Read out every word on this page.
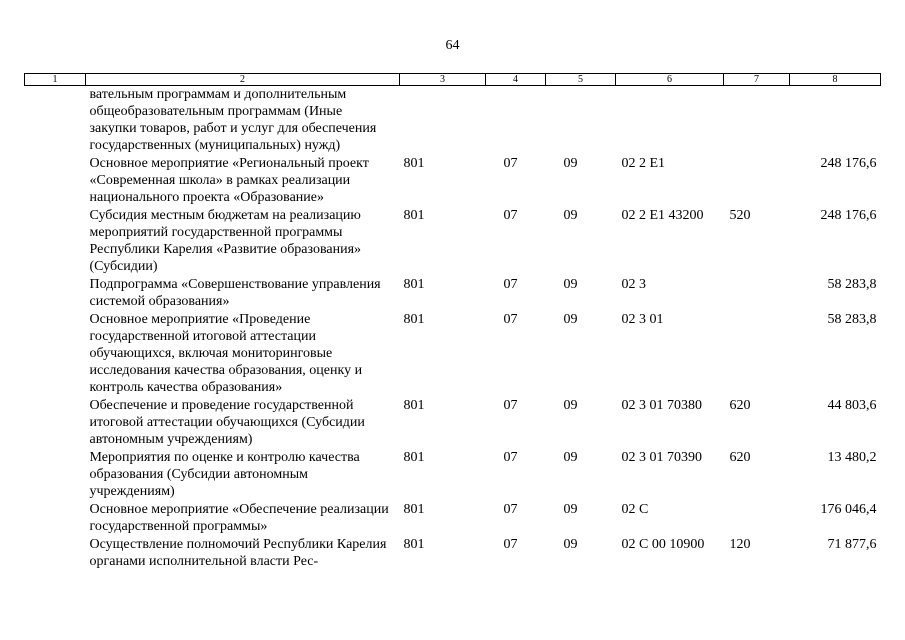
64
1	2	3	4	5	6	7	8
	вательным программам и дополнительным общеобразовательным программам (Иные закупки товаров, работ и услуг для обеспечения государственных (муниципальных) нужд)						
	Основное мероприятие «Региональный проект «Современная школа» в рамках реализации национального проекта «Образование»	801	07	09	02 2 E1		248 176,6
	Субсидия местным бюджетам на реализацию мероприятий государственной программы Республики Карелия «Развитие образования» (Субсидии)	801	07	09	02 2 E1 43200	520	248 176,6
	Подпрограмма «Совершенствование управления системой образования»	801	07	09	02 3		58 283,8
	Основное мероприятие «Проведение государственной итоговой аттестации обучающихся, включая мониторинговые исследования качества образования, оценку и контроль качества образования»	801	07	09	02 3 01		58 283,8
	Обеспечение и проведение государственной итоговой аттестации обучающихся (Субсидии автономным учреждениям)	801	07	09	02 3 01 70380	620	44 803,6
	Мероприятия по оценке и контролю качества образования (Субсидии автономным учреждениям)	801	07	09	02 3 01 70390	620	13 480,2
	Основное мероприятие «Обеспечение реализации государственной программы»	801	07	09	02 C		176 046,4
	Осуществление полномочий Республики Карелия органами исполнительной власти Рес-	801	07	09	02 C 00 10900	120	71 877,6
